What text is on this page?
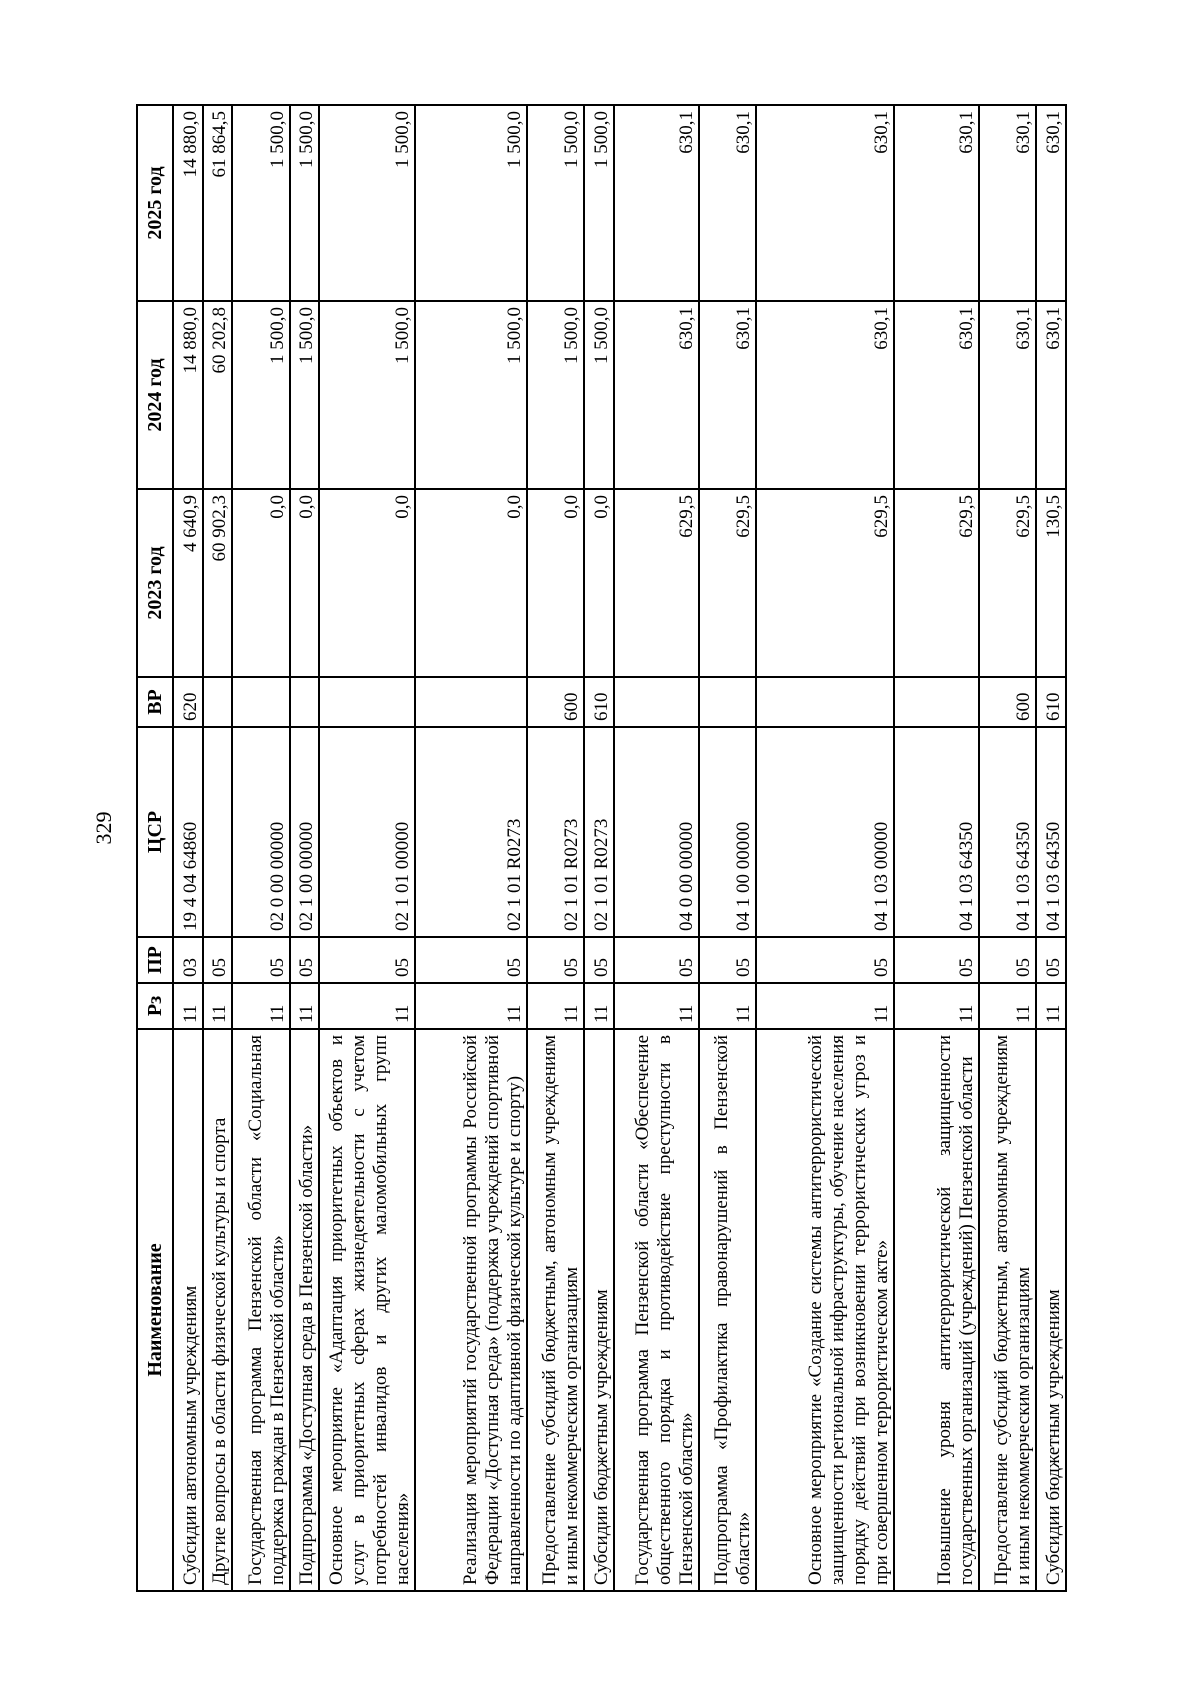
329
Наименование	Рз	ПР	ЦСР	ВР	2023 год	2024 год	2025 год
Субсидии автономным учреждениям	11	03	19 4 04 64860	620	4 640,9	14 880,0	14 880,0
Другие вопросы в области физической культуры и спорта	11	05			60 902,3	60 202,8	61 864,5
Государственная программа Пензенской области «Социальная поддержка граждан в Пензенской области»	11	05	02 0 00 00000		0,0	1 500,0	1 500,0
Подпрограмма «Доступная среда в Пензенской области»	11	05	02 1 00 00000		0,0	1 500,0	1 500,0
Основное мероприятие «Адаптация приоритетных объектов и услуг в приоритетных сферах жизнедеятельности с учетом потребностей инвалидов и других маломобильных групп населения»	11	05	02 1 01 00000		0,0	1 500,0	1 500,0
Реализация мероприятий государственной программы Российской Федерации «Доступная среда» (поддержка учреждений спортивной направленности по адаптивной физической культуре и спорту)	11	05	02 1 01 R0273		0,0	1 500,0	1 500,0
Предоставление субсидий бюджетным, автономным учреждениям и иным некоммерческим организациям	11	05	02 1 01 R0273	600	0,0	1 500,0	1 500,0
Субсидии бюджетным учреждениям	11	05	02 1 01 R0273	610	0,0	1 500,0	1 500,0
Государственная программа Пензенской области «Обеспечение общественного порядка и противодействие преступности в Пензенской области»	11	05	04 0 00 00000		629,5	630,1	630,1
Подпрограмма «Профилактика правонарушений в Пензенской области»	11	05	04 1 00 00000		629,5	630,1	630,1
Основное мероприятие «Создание системы антитеррористической защищенности региональной инфраструктуры, обучение населения порядку действий при возникновении террористических угроз и при совершенном террористическом акте»	11	05	04 1 03 00000		629,5	630,1	630,1
Повышение уровня антитеррористической защищенности государственных организаций (учреждений) Пензенской области	11	05	04 1 03 64350		629,5	630,1	630,1
Предоставление субсидий бюджетным, автономным учреждениям и иным некоммерческим организациям	11	05	04 1 03 64350	600	629,5	630,1	630,1
Субсидии бюджетным учреждениям	11	05	04 1 03 64350	610	130,5	630,1	630,1
